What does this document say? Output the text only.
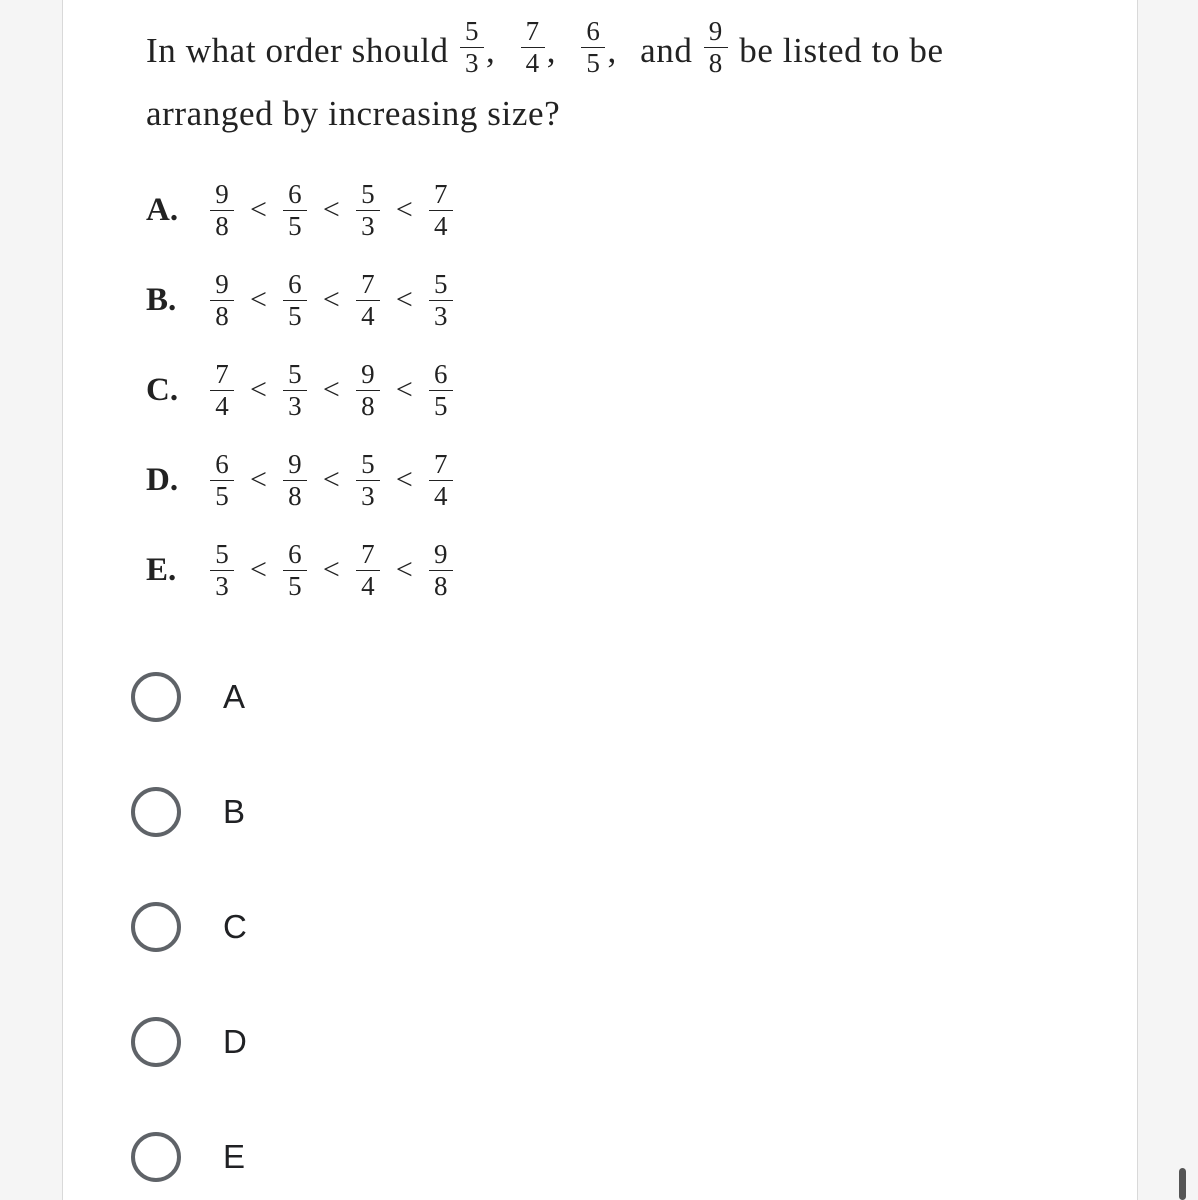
In what order should $\frac{5}{3}$ , $\frac{7}{4}$ , $\frac{6}{5}$ , and $\frac{9}{8}$ be listed to be
arranged by increasing size?
A.	$\frac{9}{8} < \frac{6}{5} < \frac{5}{3} < \frac{7}{4}$
B.	$\frac{9}{8} < \frac{6}{5} < \frac{7}{4} < \frac{5}{3}$
C.	$\frac{7}{4} < \frac{5}{3} < \frac{9}{8} < \frac{6}{5}$
D.	$\frac{6}{5} < \frac{9}{8} < \frac{5}{3} < \frac{7}{4}$
E.	$\frac{5}{3} < \frac{6}{5} < \frac{7}{4} < \frac{9}{8}$
A
B
C
D
E
